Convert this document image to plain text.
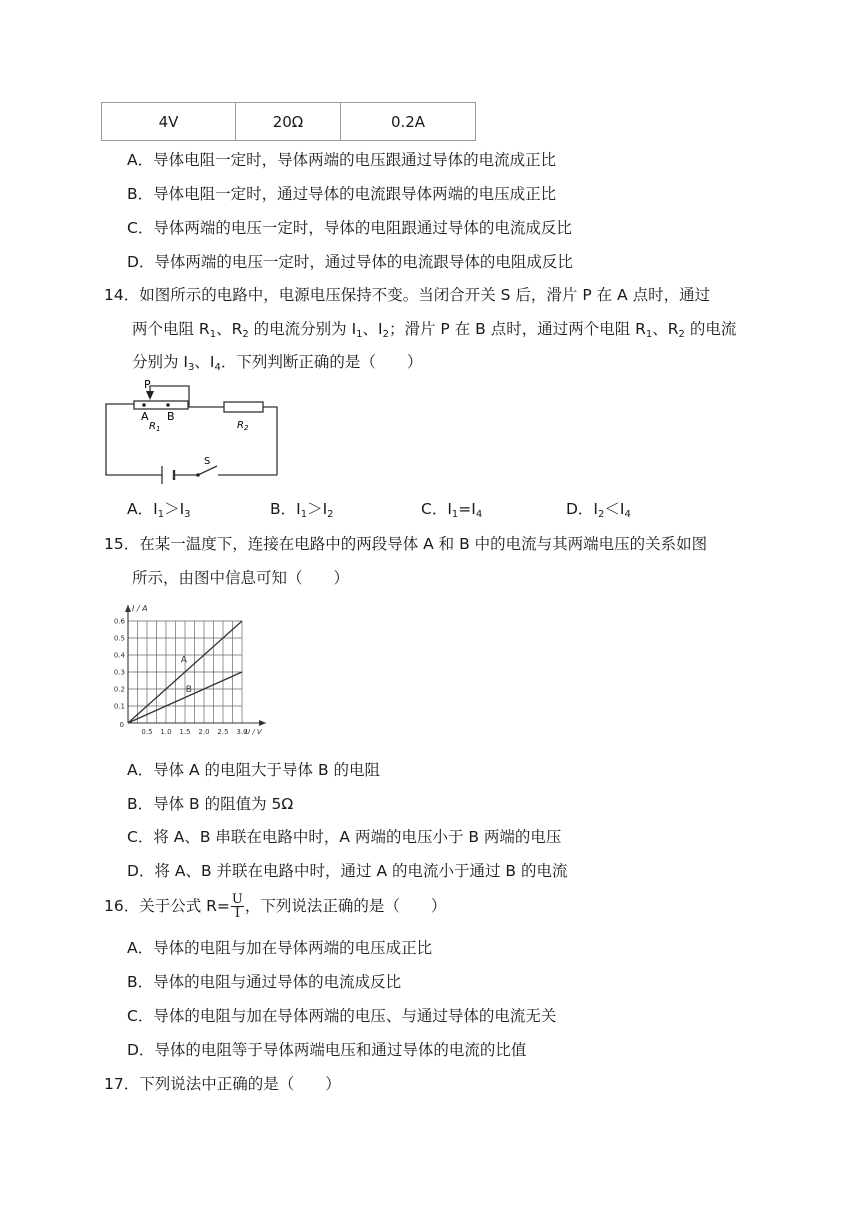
4V	20Ω	0.2A
A．导体电阻一定时，导体两端的电压跟通过导体的电流成正比
B．导体电阻一定时，通过导体的电流跟导体两端的电压成正比
C．导体两端的电压一定时，导体的电阻跟通过导体的电流成反比
D．导体两端的电压一定时，通过导体的电流跟导体的电阻成反比
14．如图所示的电路中，电源电压保持不变。当闭合开关 S 后，滑片 P 在 A 点时，通过
两个电阻 $R_1$、$R_2$ 的电流分别为 $I_1$、$I_2$；滑片 P 在 B 点时，通过两个电阻 $R_1$、$R_2$ 的电流
分别为 $I_3$、$I_4$．下列判断正确的是（　　）
P
A B
$R_1$	$R_2$
S
A．$I_1>I_3$	B．$I_1>I_2$	C．$I_1=I_4$	D．$I_2<I_4$
15．在某一温度下，连接在电路中的两段导体 A 和 B 中的电流与其两端电压的关系如图
所示，由图中信息可知（　　）
A
B
0.5 1.0 1.5 2.0 2.5 3.0
0.1
0.2
0.3
0.4
0.5
0.6
0
I / A
U / V
A．导体 A 的电阻大于导体 B 的电阻
B．导体 B 的阻值为 5Ω
C．将 A、B 串联在电路中时，A 两端的电压小于 B 两端的电压
D．将 A、B 并联在电路中时，通过 A 的电流小于通过 B 的电流
16．关于公式 $R= \frac{U}{I}$ ，下列说法正确的是（　　）
A．导体的电阻与加在导体两端的电压成正比
B．导体的电阻与通过导体的电流成反比
C．导体的电阻与加在导体两端的电压、与通过导体的电流无关
D．导体的电阻等于导体两端电压和通过导体的电流的比值
17．下列说法中正确的是（　　）
